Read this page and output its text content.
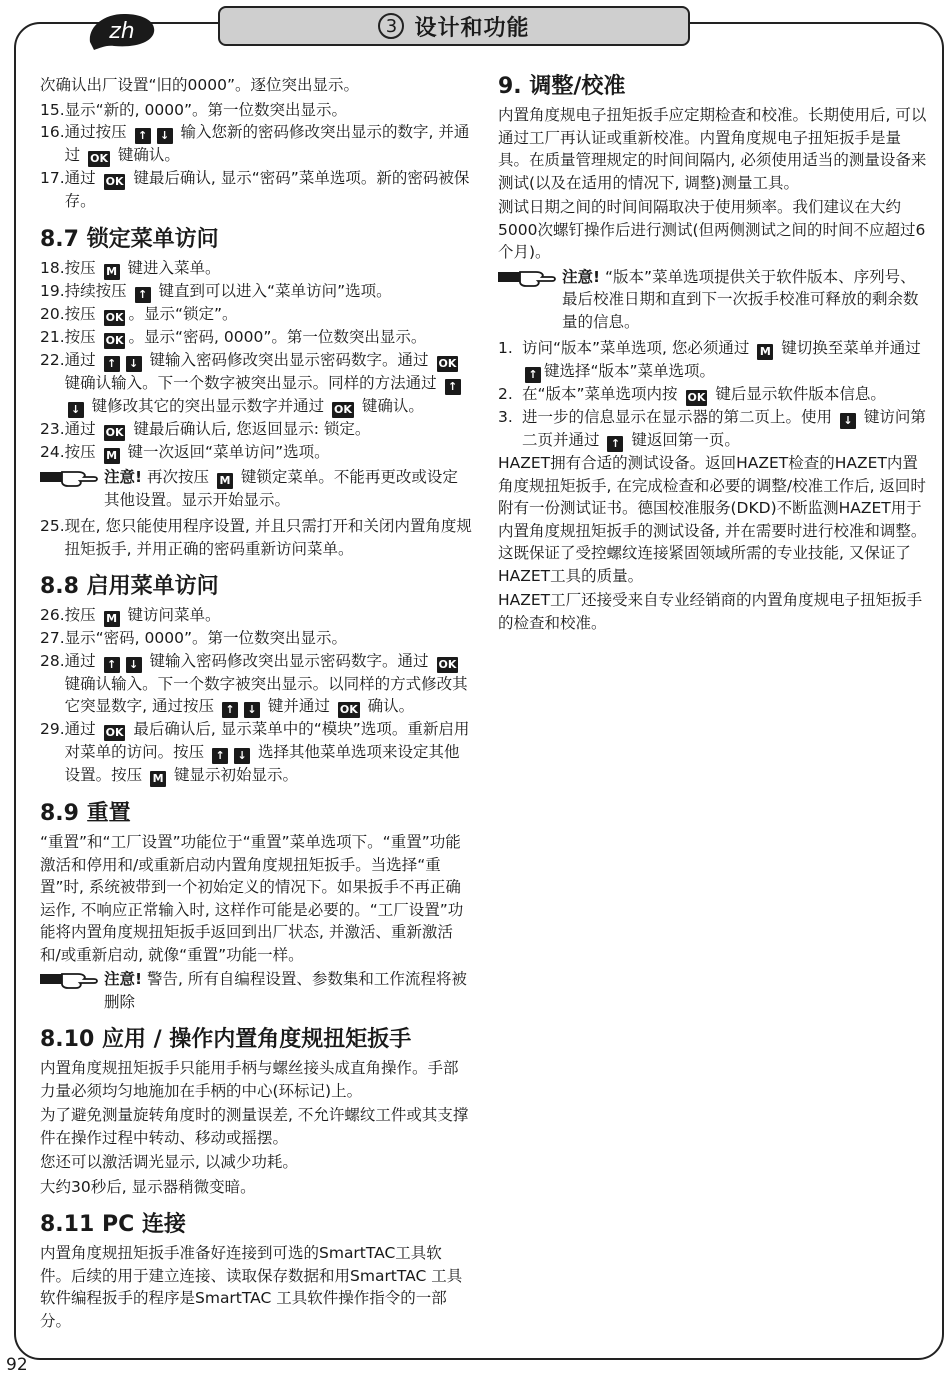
zh	3 设计和功能

次确认出厂设置“旧的0000”。逐位突出显示。

15. 显示“新的, 0000”。第一位数突出显示。
16. 通过按压 ↑ ↓ 输入您新的密码修改突出显示的数字, 并通过 OK 键确认。
17. 通过 OK 键最后确认, 显示“密码”菜单选项。新的密码被保存。
8.7 锁定菜单访问
18. 按压 M 键进入菜单。
19. 持续按压 ↑ 键直到可以进入“菜单访问”选项。
20. 按压 OK 。显示“锁定”。
21. 按压 OK 。显示“密码, 0000”。第一位数突出显示。
22. 通过 ↑ ↓ 键输入密码修改突出显示密码数字。通过 OK 键确认输入。下一个数字被突出显示。同样的方法通过 ↑↓ 键修改其它的突出显示数字并通过 OK 键确认。
23. 通过 OK 键最后确认后, 您返回显示: 锁定。
24. 按压 M 键一次返回“菜单访问”选项。
注意! 再次按压 M 键锁定菜单。不能再更改或设定其他设置。显示开始显示。
25. 现在, 您只能使用程序设置, 并且只需打开和关闭内置角度规扭矩扳手, 并用正确的密码重新访问菜单。
8.8 启用菜单访问
26. 按压 M 键访问菜单。
27. 显示“密码, 0000”。第一位数突出显示。
28. 通过 ↑ ↓ 键输入密码修改突出显示密码数字。通过 OK 键确认输入。下一个数字被突出显示。以同样的方式修改其它突显数字, 通过按压 ↑ ↓ 键并通过 OK 确认。
29. 通过 OK 最后确认后, 显示菜单中的“模块”选项。重新启用对菜单的访问。按压 ↑ ↓ 选择其他菜单选项来设定其他设置。按压 M 键显示初始显示。
8.9 重置

“重置”和“工厂设置”功能位于“重置”菜单选项下。“重置”功能激活和停用和/或重新启动内置角度规扭矩扳手。当选择“重置”时, 系统被带到一个初始定义的情况下。如果扳手不再正确运作, 不响应正常输入时, 这样作可能是必要的。“工厂设置”功能将内置角度规扭矩扳手返回到出厂状态, 并激活、重新激活和/或重新启动, 就像“重置”功能一样。

注意! 警告, 所有自编程设置、参数集和工作流程将被删除
8.10 应用 / 操作内置角度规扭矩扳手

内置角度规扭矩扳手只能用手柄与螺丝接头成直角操作。手部力量必须均匀地施加在手柄的中心(环标记)上。

为了避免测量旋转角度时的测量误差, 不允许螺纹工件或其支撑件在操作过程中转动、移动或摇摆。

您还可以激活调光显示, 以减少功耗。

大约30秒后, 显示器稍微变暗。

8.11 PC 连接

内置角度规扭矩扳手准备好连接到可选的SmartTAC工具软件。后续的用于建立连接、读取保存数据和用SmartTAC 工具软件编程扳手的程序是SmartTAC 工具软件操作指令的一部分。

9. 调整/校准

内置角度规电子扭矩扳手应定期检查和校准。长期使用后, 可以通过工厂再认证或重新校准。内置角度规电子扭矩扳手是量具。在质量管理规定的时间间隔内, 必须使用适当的测量设备来测试(以及在适用的情况下, 调整)测量工具。

测试日期之间的时间间隔取决于使用频率。我们建议在大约5000次螺钉操作后进行测试(但两侧测试之间的时间不应超过6个月)。

注意! “版本”菜单选项提供关于软件版本、序列号、最后校准日期和直到下一次扳手校准可释放的剩余数量的信息。
1. 访问“版本”菜单选项, 您必须通过 M 键切换至菜单并通过 ↑ 键选择“版本”菜单选项。
2. 在“版本”菜单选项内按 OK 键后显示软件版本信息。
3. 进一步的信息显示在显示器的第二页上。使用 ↓ 键访问第二页并通过 ↑ 键返回第一页。

HAZET拥有合适的测试设备。返回HAZET检查的HAZET内置角度规扭矩扳手, 在完成检查和必要的调整/校准工作后, 返回时附有一份测试证书。德国校准服务(DKD)不断监测HAZET用于内置角度规扭矩扳手的测试设备, 并在需要时进行校准和调整。这既保证了受控螺纹连接紧固领域所需的专业技能, 又保证了HAZET工具的质量。

HAZET工厂还接受来自专业经销商的内置角度规电子扭矩扳手的检查和校准。

92
